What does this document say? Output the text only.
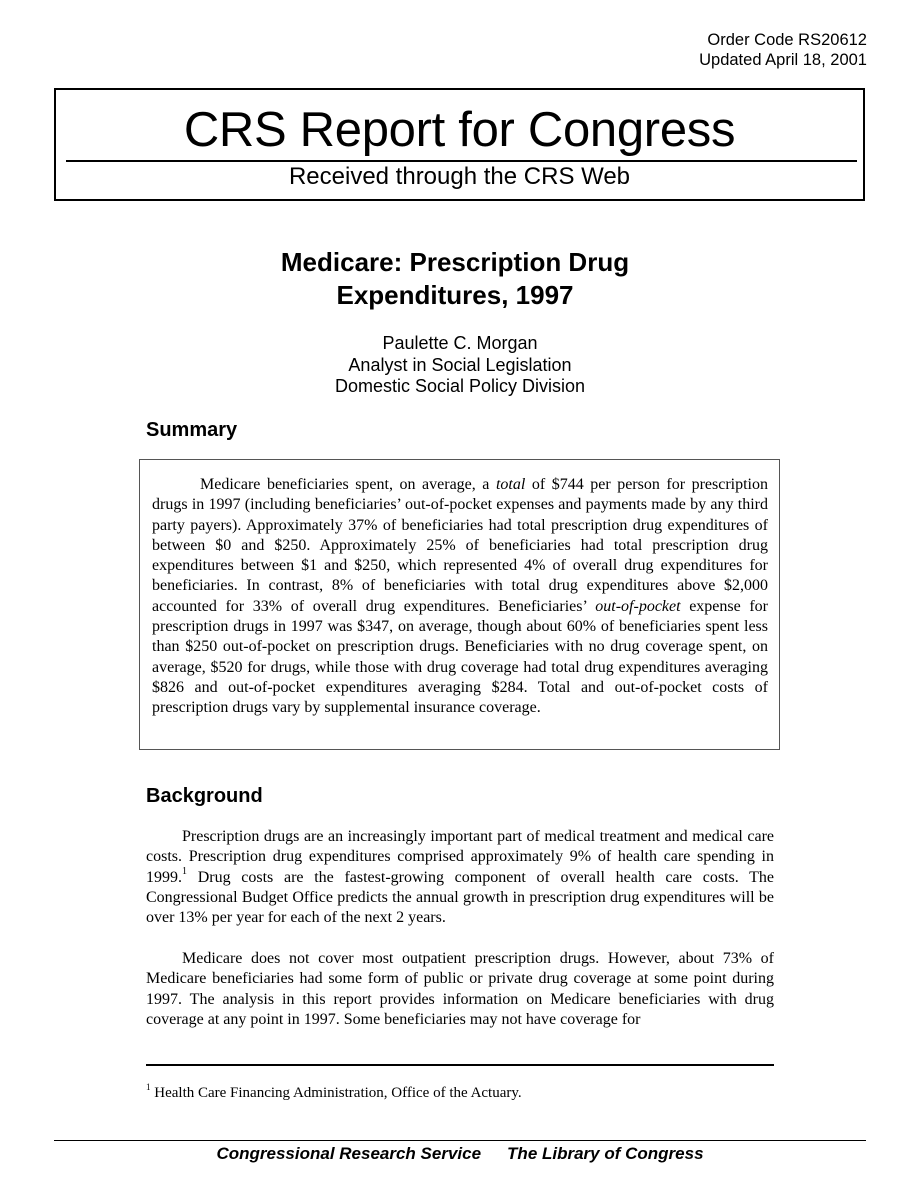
Order Code RS20612
Updated April 18, 2001
CRS Report for Congress
Received through the CRS Web
Medicare: Prescription Drug
Expenditures, 1997
Paulette C. Morgan
Analyst in Social Legislation
Domestic Social Policy Division
Summary

Medicare beneficiaries spent, on average, a total of $744 per person for prescription drugs in 1997 (including beneficiaries’ out-of-pocket expenses and payments made by any third party payers). Approximately 37% of beneficiaries had total prescription drug expenditures of between $0 and $250. Approximately 25% of beneficiaries had total prescription drug expenditures between $1 and $250, which represented 4% of overall drug expenditures for beneficiaries. In contrast, 8% of beneficiaries with total drug expenditures above $2,000 accounted for 33% of overall drug expenditures. Beneficiaries’ out-of-pocket expense for prescription drugs in 1997 was $347, on average, though about 60% of beneficiaries spent less than $250 out-of-pocket on prescription drugs. Beneficiaries with no drug coverage spent, on average, $520 for drugs, while those with drug coverage had total drug expenditures averaging $826 and out-of-pocket expenditures averaging $284. Total and out-of-pocket costs of prescription drugs vary by supplemental insurance coverage.

Background

Prescription drugs are an increasingly important part of medical treatment and medical care costs. Prescription drug expenditures comprised approximately 9% of health care spending in 1999.$^1$ Drug costs are the fastest-growing component of overall health care costs. The Congressional Budget Office predicts the annual growth in prescription drug expenditures will be over 13% per year for each of the next 2 years.

Medicare does not cover most outpatient prescription drugs. However, about 73% of Medicare beneficiaries had some form of public or private drug coverage at some point during 1997. The analysis in this report provides information on Medicare beneficiaries with drug coverage at any point in 1997. Some beneficiaries may not have coverage for

$^1$ Health Care Financing Administration, Office of the Actuary.
Congressional Research Service The Library of Congress
